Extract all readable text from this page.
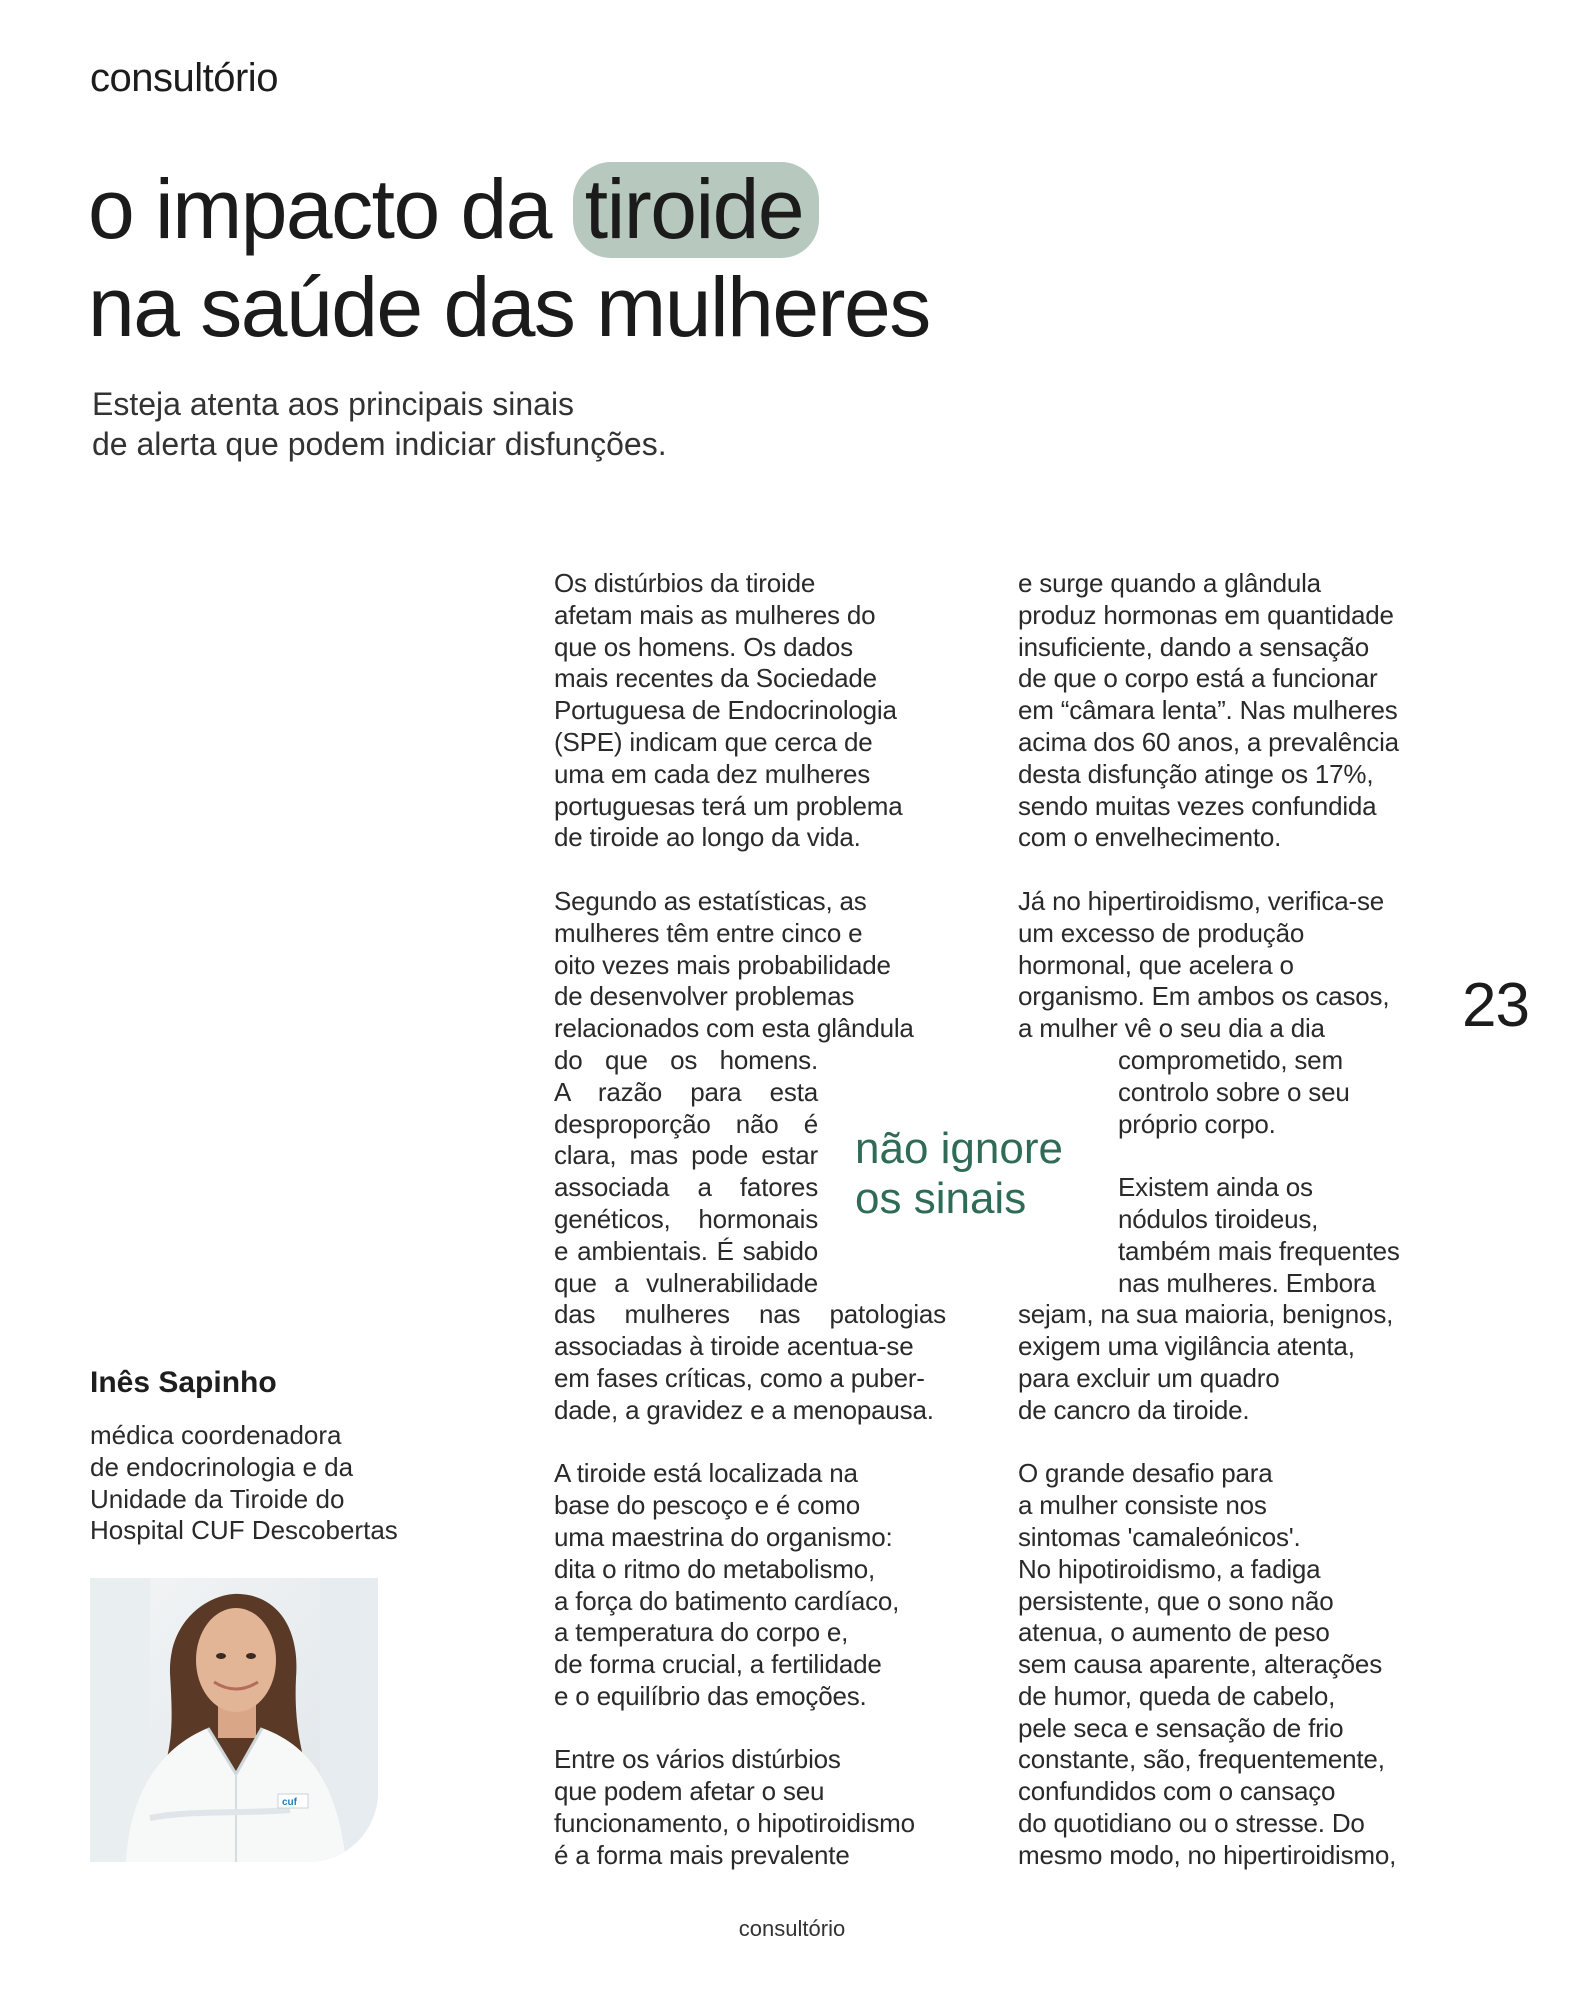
consultório
o impacto da tiroide
na saúde das mulheres
Esteja atenta aos principais sinais
de alerta que podem indiciar disfunções.
Os distúrbios da tiroide
afetam mais as mulheres do
que os homens. Os dados
mais recentes da Sociedade
Portuguesa de Endocrinologia
(SPE) indicam que cerca de
uma em cada dez mulheres
portuguesas terá um problema
de tiroide ao longo da vida.
Segundo as estatísticas, as
mulheres têm entre cinco e
oito vezes mais probabilidade
de desenvolver problemas
relacionados com esta glândula
do que os homens.
A razão para esta
desproporção não é
clara, mas pode estar
associada a fatores
genéticos, hormonais
e ambientais. É sabido
que a vulnerabilidade
das mulheres nas patologias
associadas à tiroide acentua-se
em fases críticas, como a puber-
dade, a gravidez e a menopausa.
A tiroide está localizada na
base do pescoço e é como
uma maestrina do organismo:
dita o ritmo do metabolismo,
a força do batimento cardíaco,
a temperatura do corpo e,
de forma crucial, a fertilidade
e o equilíbrio das emoções.
Entre os vários distúrbios
que podem afetar o seu
funcionamento, o hipotiroidismo
é a forma mais prevalente
e surge quando a glândula
produz hormonas em quantidade
insuficiente, dando a sensação
de que o corpo está a funcionar
em “câmara lenta”. Nas mulheres
acima dos 60 anos, a prevalência
desta disfunção atinge os 17%,
sendo muitas vezes confundida
com o envelhecimento.
Já no hipertiroidismo, verifica-se
um excesso de produção
hormonal, que acelera o
organismo. Em ambos os casos,
a mulher vê o seu dia a dia
comprometido, sem
controlo sobre o seu
próprio corpo.
Existem ainda os
nódulos tiroideus,
também mais frequentes
nas mulheres. Embora
sejam, na sua maioria, benignos,
exigem uma vigilância atenta,
para excluir um quadro
de cancro da tiroide.
O grande desafio para
a mulher consiste nos
sintomas 'camaleónicos'.
No hipotiroidismo, a fadiga
persistente, que o sono não
atenua, o aumento de peso
sem causa aparente, alterações
de humor, queda de cabelo,
pele seca e sensação de frio
constante, são, frequentemente,
confundidos com o cansaço
do quotidiano ou o stresse. Do
mesmo modo, no hipertiroidismo,
não ignore
os sinais
23
Inês Sapinho
médica coordenadora
de endocrinologia e da
Unidade da Tiroide do
Hospital CUF Descobertas
cuf
consultório
